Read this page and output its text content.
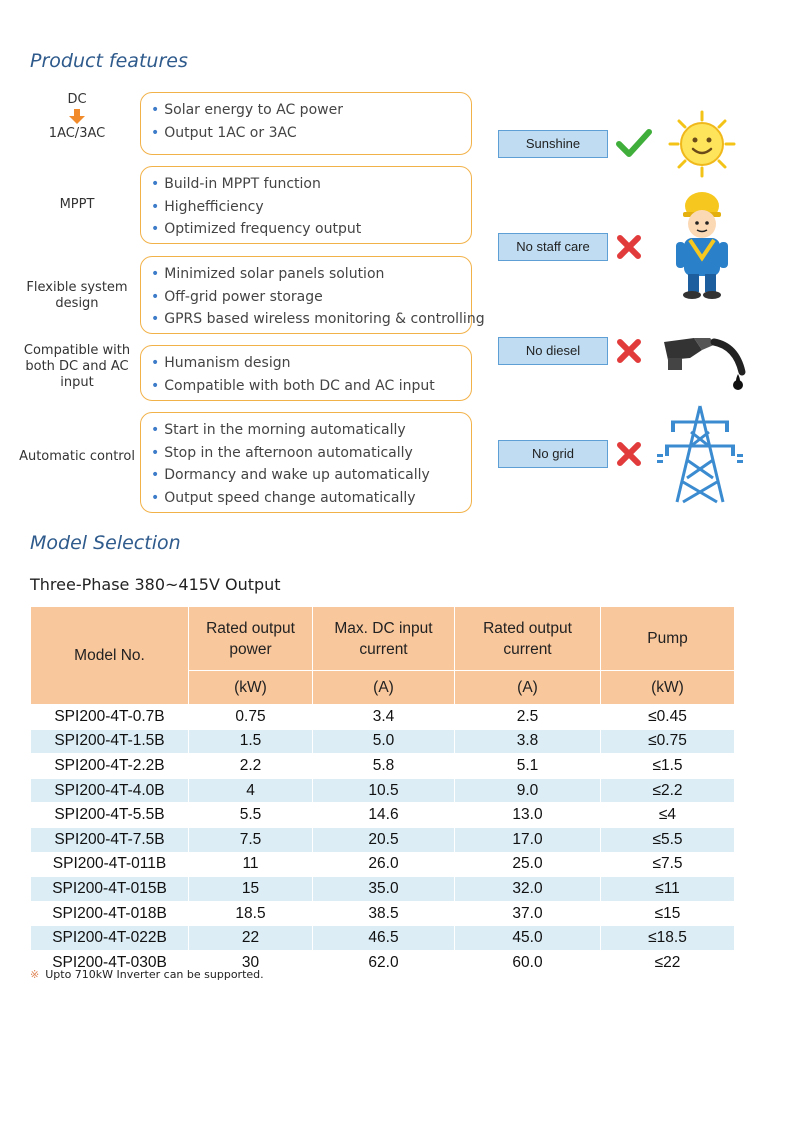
Product features
DC
1AC/3AC
• Solar energy to AC power
• Output 1AC or 3AC
MPPT
• Build-in MPPT function
• Highefficiency
• Optimized frequency output
Flexible system design
• Minimized solar panels solution
• Off-grid power storage
• GPRS based wireless monitoring & controlling
Compatible with both DC and AC input
• Humanism design
• Compatible with both DC and AC input
Automatic control
• Start in the morning automatically
• Stop in the afternoon automatically
• Dormancy and wake up automatically
• Output speed change automatically
Sunshine
No staff care
No diesel
No grid
Model Selection
Three-Phase 380~415V Output
Model No.	Rated output power	Max. DC input current	Rated output current	Pump
	(kW)	(A)	(A)	(kW)
SPI200-4T-0.7B	0.75	3.4	2.5	≤0.45
SPI200-4T-1.5B	1.5	5.0	3.8	≤0.75
SPI200-4T-2.2B	2.2	5.8	5.1	≤1.5
SPI200-4T-4.0B	4	10.5	9.0	≤2.2
SPI200-4T-5.5B	5.5	14.6	13.0	≤4
SPI200-4T-7.5B	7.5	20.5	17.0	≤5.5
SPI200-4T-011B	11	26.0	25.0	≤7.5
SPI200-4T-015B	15	35.0	32.0	≤11
SPI200-4T-018B	18.5	38.5	37.0	≤15
SPI200-4T-022B	22	46.5	45.0	≤18.5
SPI200-4T-030B	30	62.0	60.0	≤22
※ Upto 710kW Inverter can be supported.
